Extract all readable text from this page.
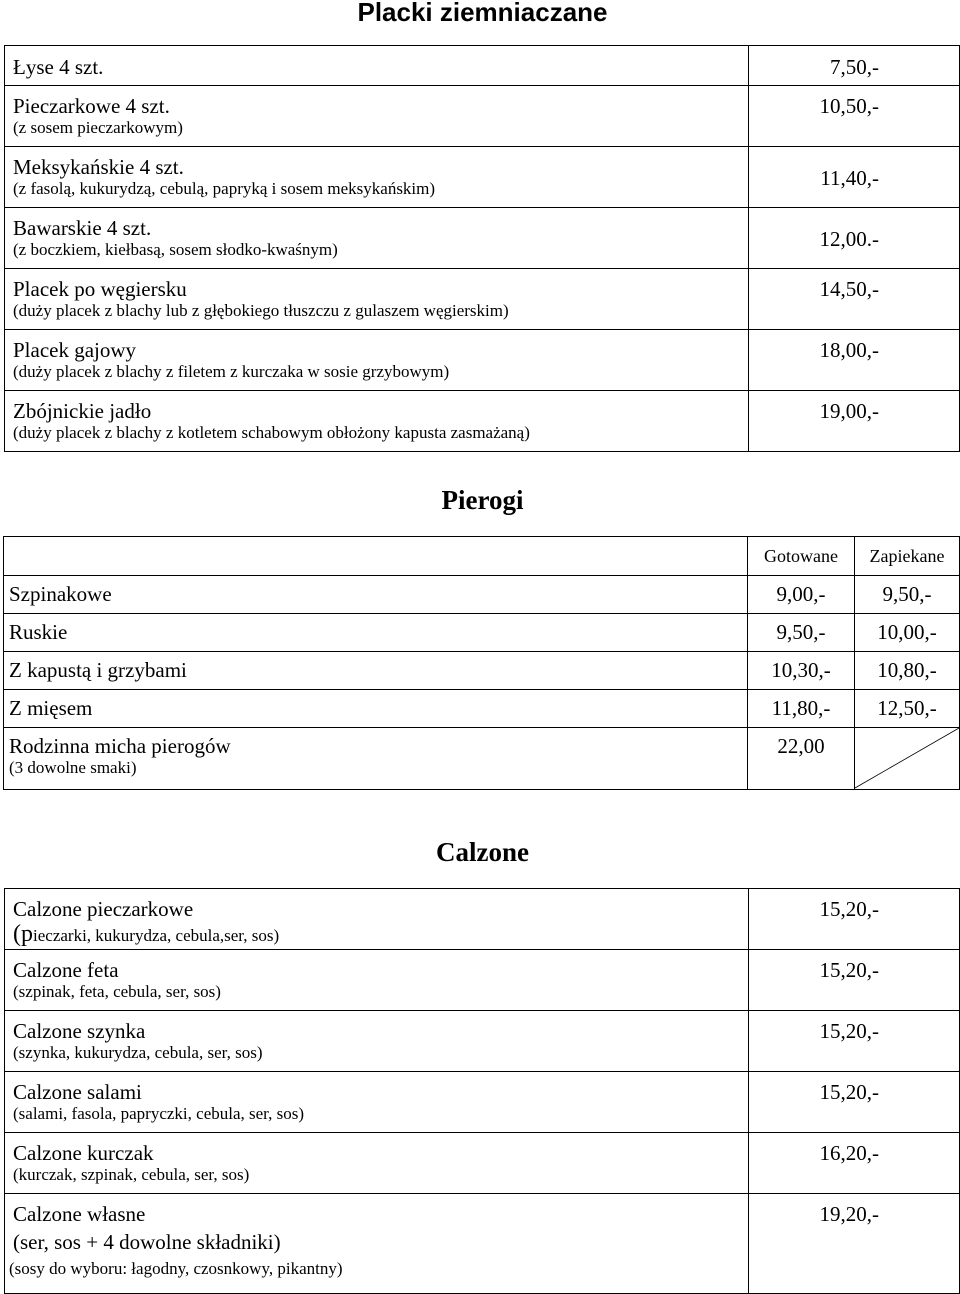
Placki ziemniaczane
Łyse 4 szt.	7,50,-

Pieczarkowe 4 szt.
(z sosem pieczarkowym)	10,50,-

Meksykańskie 4 szt.
(z fasolą, kukurydzą, cebulą, papryką i sosem meksykańskim)	11,40,-

Bawarskie 4 szt.
(z boczkiem, kiełbasą, sosem słodko-kwaśnym)	12,00.-

Placek po węgiersku
(duży placek z blachy lub z głębokiego tłuszczu z gulaszem węgierskim)	14,50,-

Placek gajowy
(duży placek z blachy z filetem z kurczaka w sosie grzybowym)	18,00,-

Zbójnickie jadło
(duży placek z blachy z kotletem schabowym obłożony kapusta zasmażaną)	19,00,-
Pierogi

	Gotowane	Zapiekane

Szpinakowe	9,00,-	9,50,-

Ruskie	9,50,-	10,00,-

Z kapustą i grzybami	10,30,-	10,80,-

Z mięsem	11,80,-	12,50,-

Rodzinna micha pierogów
(3 dowolne smaki)	22,00

Calzone
Calzone pieczarkowe
(pieczarki, kukurydza, cebula,ser, sos)	15,20,-

Calzone feta
(szpinak, feta, cebula, ser, sos)	15,20,-

Calzone szynka
(szynka, kukurydza, cebula, ser, sos)	15,20,-

Calzone salami
(salami, fasola, papryczki, cebula, ser, sos)	15,20,-

Calzone kurczak
(kurczak, szpinak, cebula, ser, sos)	16,20,-

Calzone własne
(ser, sos + 4 dowolne składniki)
(sosy do wyboru: łagodny, czosnkowy, pikantny)	19,20,-
